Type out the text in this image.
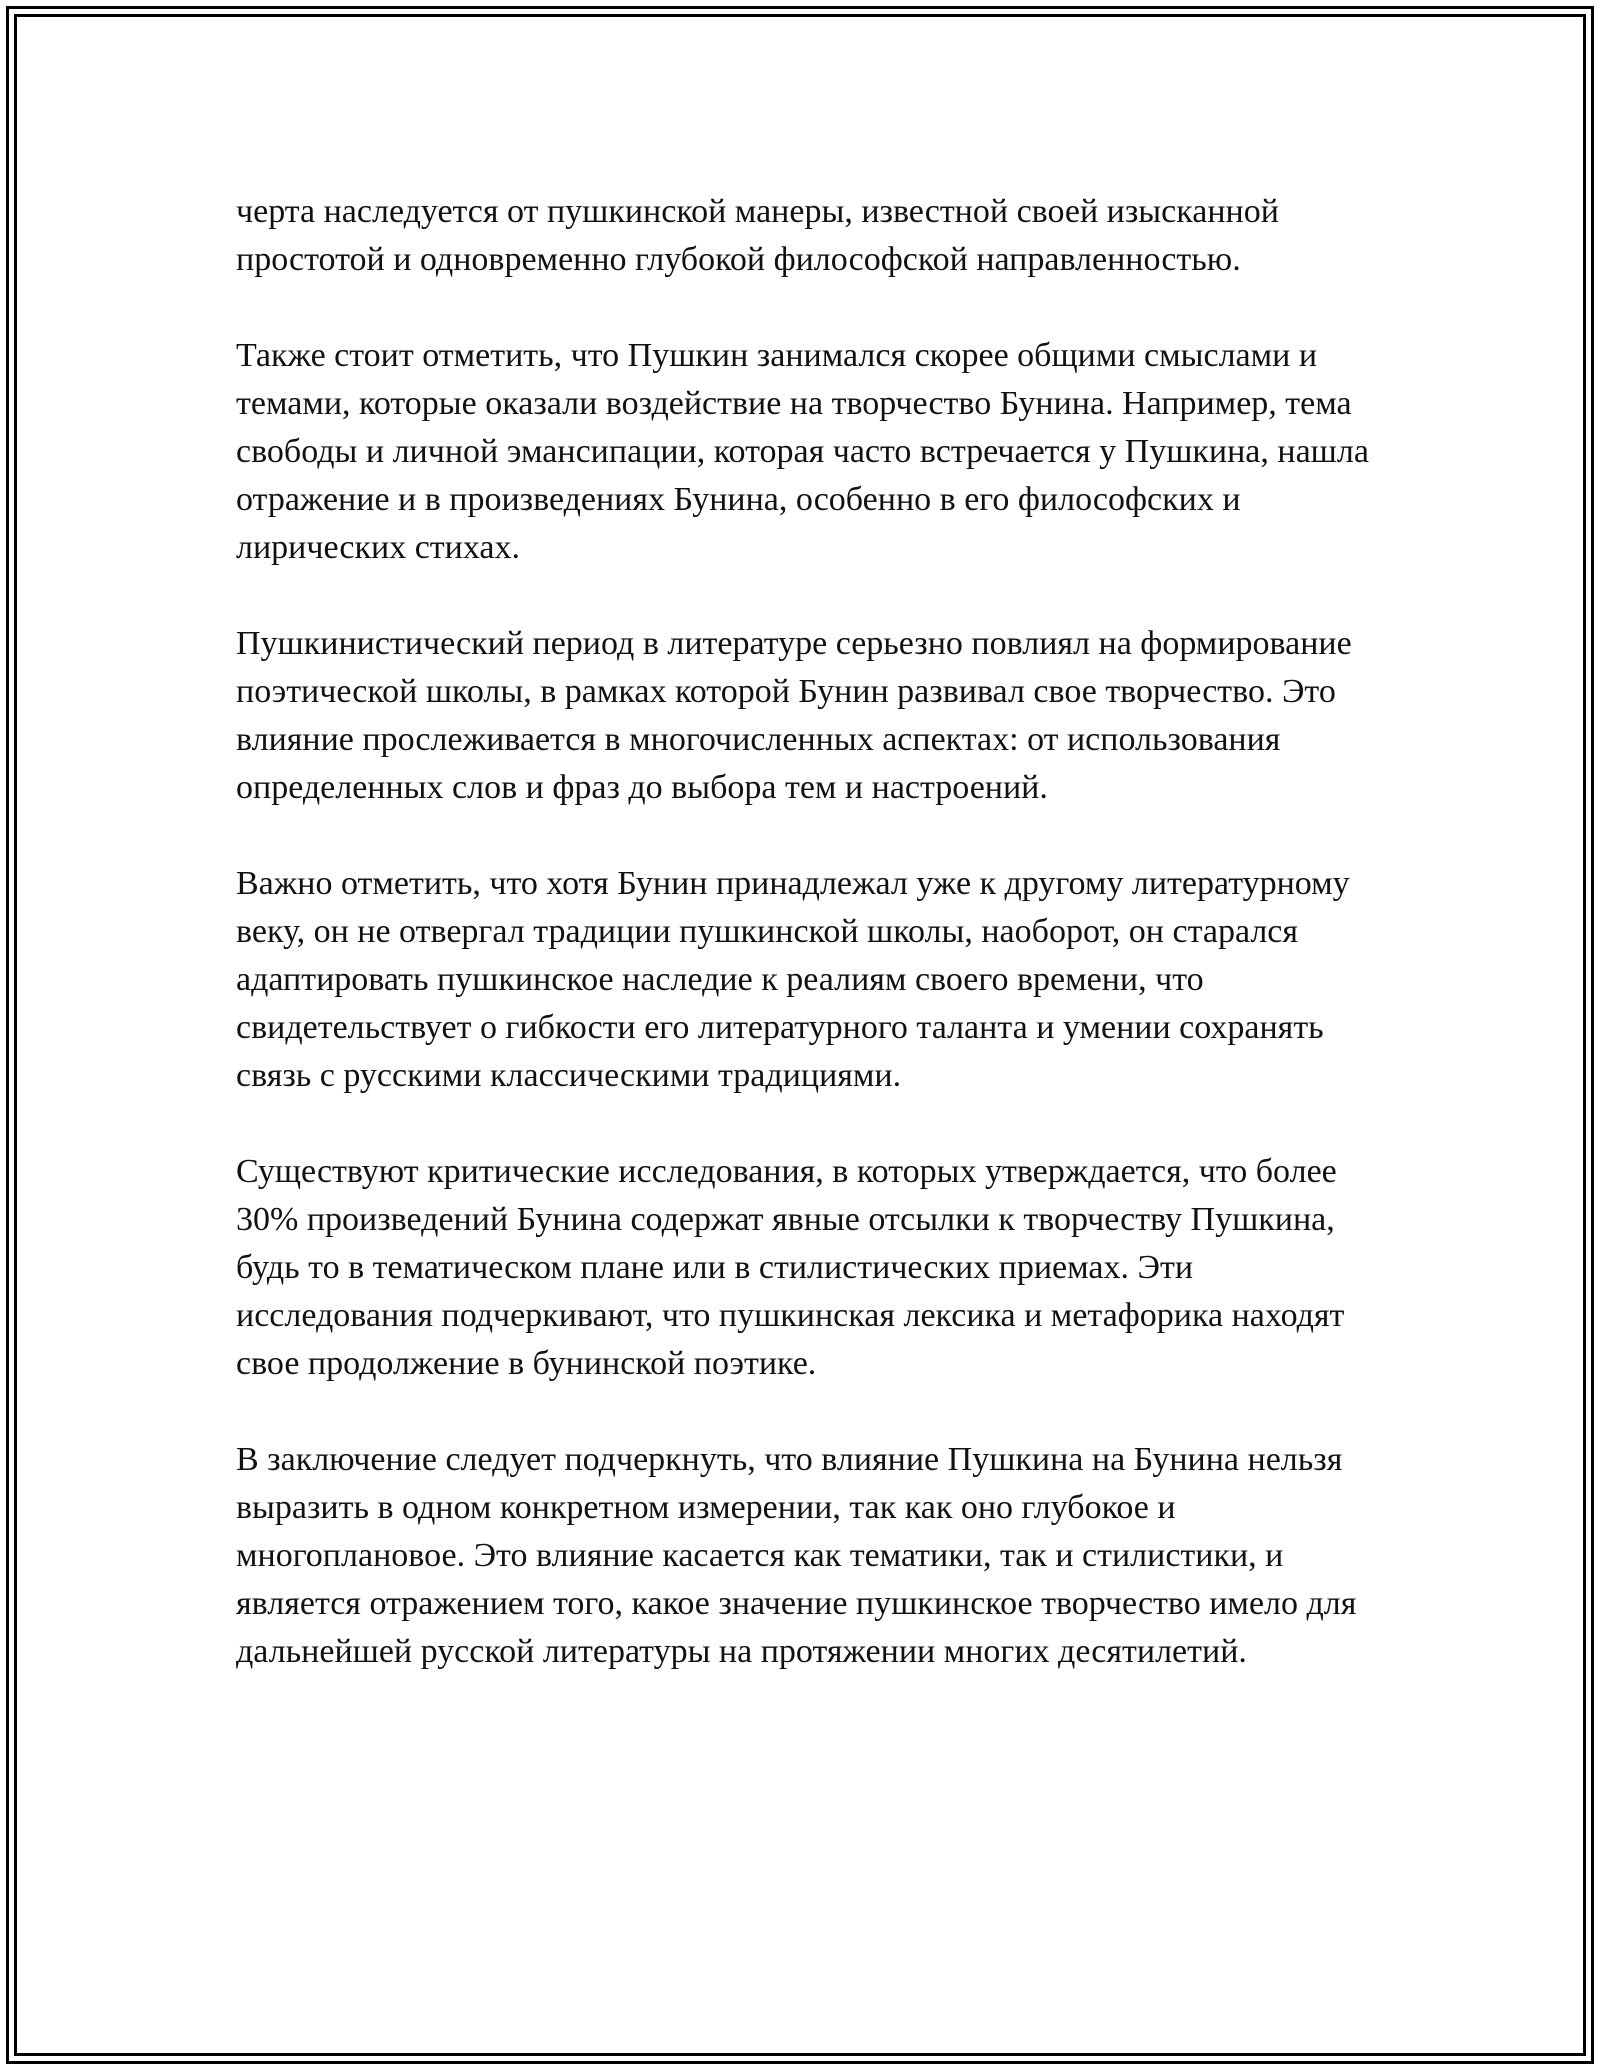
черта наследуется от пушкинской манеры, известной своей изысканной простотой и одновременно глубокой философской направленностью.

Также стоит отметить, что Пушкин занимался скорее общими смыслами и темами, которые оказали воздействие на творчество Бунина. Например, тема свободы и личной эмансипации, которая часто встречается у Пушкина, нашла отражение и в произведениях Бунина, особенно в его философских и лирических стихах.

Пушкинистический период в литературе серьезно повлиял на формирование поэтической школы, в рамках которой Бунин развивал свое творчество. Это влияние прослеживается в многочисленных аспектах: от использования определенных слов и фраз до выбора тем и настроений.

Важно отметить, что хотя Бунин принадлежал уже к другому литературному веку, он не отвергал традиции пушкинской школы, наоборот, он старался адаптировать пушкинское наследие к реалиям своего времени, что свидетельствует о гибкости его литературного таланта и умении сохранять связь с русскими классическими традициями.

Существуют критические исследования, в которых утверждается, что более 30% произведений Бунина содержат явные отсылки к творчеству Пушкина, будь то в тематическом плане или в стилистических приемах. Эти исследования подчеркивают, что пушкинская лексика и метафорика находят свое продолжение в бунинской поэтике.

В заключение следует подчеркнуть, что влияние Пушкина на Бунина нельзя выразить в одном конкретном измерении, так как оно глубокое и многоплановое. Это влияние касается как тематики, так и стилистики, и является отражением того, какое значение пушкинское творчество имело для дальнейшей русской литературы на протяжении многих десятилетий.
